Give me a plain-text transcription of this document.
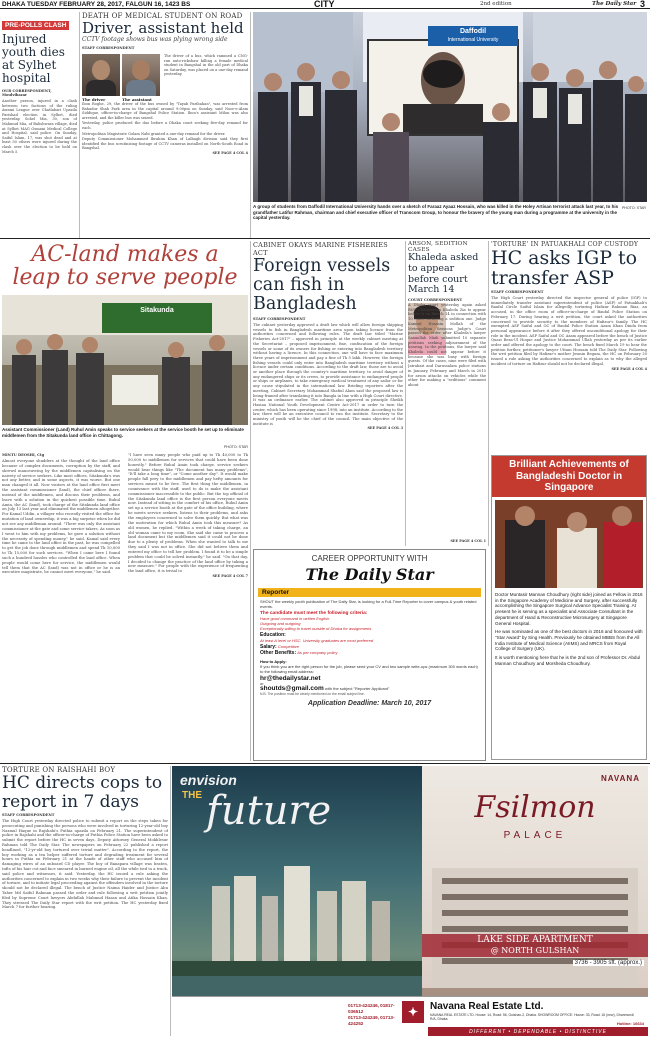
DHAKA TUESDAY FEBRUARY 28, 2017, FALGUN 16, 1423 BS	CITY	2nd edition	The Daily Star 3
PRE-POLLS CLASH
Injured youth dies at Sylhet hospital
OUR CORRESPONDENT, Moulvibazar
Another person, injured in a clash between two factions of the ruling Awami League over Chatlabari Upazila Parishad election in Sylhet, died yesterday. Sohel Mia, 30, son of Mahmud Mia, of Balishwara village, died at Sylhet MAG Osmani Medical College and Hospital, said police. On Sunday, Saiful Islam, 17, was shot dead and at least 50 others were injured during the clash over the election to be held on March 5.
DEATH OF MEDICAL STUDENT ON ROAD
Driver, assistant held
CCTV footage shows bus was plying wrong side
STAFF CORRESPONDENT
The driver	The assistant
The driver of a bus, which rammed a CNG-run auto-rickshaw killing a female medical student in Bangshal in the old part of Dhaka on Saturday, was placed on a one-day remand yesterday.
Ibon Roghe, 29, the driver of the bus owned by "Tayab Paribahan", was arrested from Bahadur Shah Park area in the capital around 9:00pm on Sunday, said Noor-e-Alam Siddique, officer-in-charge of Bangshal Police Station. Ibon's assistant Milon was also arrested, and the killer bus was seized.
Yesterday, police produced the duo before a Dhaka court seeking five-day remand for each.
Metropolitan Magistrate Golam Nabi granted a one-day remand for the driver.
Deputy Commissioner Mohammed Ibrahim Khan of Lalbagh division said they first identified the bus scrutinising footage of CCTV cameras installed on North-South Road in Bangshal.
SEE PAGE 4 COL 4
Daffodil
International University
A group of students from Daffodil International University hands over a sketch of Faraaz Ayaaz Hossain, who was killed in the Holey Artisan terrorist attack last year, to his grandfather Latifur Rahman, chairman and chief executive officer of Transcom Group, to honour the bravery of the young man during a programme at the university in the capital yesterday.
PHOTO: STAR
AC-land makes a leap to serve people
Sitakunda
Assistant Commissioner (Land) Ruhul Amin speaks to service seekers at the service booth he set up to eliminate middlemen from the Sitakunda land office in Chittagong.
PHOTO: STAR
MINTU DEOSHI, Ctg
Almost everyone shudders at the thought of the land office because of complex documents, corruption by the staff, and shrewd manoeuvring by the middlemen capitalising on the naivety of service seekers. Like most offices, Sitakunda's was not any better, and in some aspects, it was worse. But one man changed it all. Now visitors at the land office first meet the assistant commissioner (land), the chief officer there, instead of the middlemen, and discuss their problems, and leave with a solution in the quickest possible time. Ruhul Amin, the AC (land), took charge of the Sitakunda land office on July 13 last year and eliminated the middlemen altogether. For Kamal Uddin, a villager who recently visited the office for mutation of land ownership, it was a big surprise when he did not see any middleman around. "There was only the assistant commissioner at the gate and some service takers. As soon as I went to him with my problems, he gave a solution without the necessity of spending money," he said. Kamal said every time he came to the land office in the past, he was compelled to get the job done through middlemen and spend Tk 10,000 to Tk 15,000 for such services. "When I came here I found such a hundred hassles who controlled the land office. When people would come here for service, the middlemen would tell them that the AC (land) was not in office or he is an executive magistrate, he cannot meet everyone," he said.
"I have seen many people who paid up to Tk 40,000 to Tk 50,000 to middlemen for services that could have been done honestly." Before Ruhul Amin took charge, service seekers would hear things like "The document has many problems", "It'll take a long time", or "Come another day". It would make people fall prey to the middlemen and pay hefty amounts for services meant to be free. The first thing the middlemen, in connivance with the staff, used to do is make the assistant commissioner inaccessible to the public. But the top official of the Sitakunda land office is the first person everyone meets now. Instead of sitting in the comfort of his office, Ruhul Amin set up a service booth at the gate of the office building, where he meets service seekers, listens to their problems, and asks the employees concerned to solve them quickly. But what was the motivation for which Ruhul Amin took this measure? As old women, he replied. "Within a week of taking charge, an old woman came to my room. She said she came to process a land document but the middlemen said it could not be done due to a plenty of problems. When she wanted to talk to me they said I was not in office. She did not believe them and entered my office to tell her problem. I found it to be a simple problem that could be solved instantly," he said. "On that day, I decided to change the practice of the land office by taking a new measure." For people with the experience of frequenting the land office, it is trivial to
SEE PAGE 4 COL 7
CABINET OKAYS MARINE FISHERIES ACT
Foreign vessels can fish in Bangladesh
STAFF CORRESPONDENT
The cabinet yesterday approved a draft law which will allow foreign shipping vessels to fish in Bangladesh maritime area upon taking licence from the authorities concerned and following rules. The draft law titled "Marine Fisheries Act-2017" – approved in principle at the weekly cabinet meeting at the Secretariat – proposed imprisonment, fine, confiscation of the foreign vessels or some of its owners for fishing or entering into Bangladesh territory without having a licence. In this connection, one will have to face maximum three years of imprisonment and pay a fine of Tk 5 lakh. However, the foreign fishing vessels could only enter into Bangladesh maritime territory without a licence under certain conditions. According to the draft law, those are to avoid or another place through the country's maritime territory, to avoid danger of any endangered ships or its crews, to provide assistance to endangered people or ships or airplanes, to take emergency medical treatment of any sailor or for any cause stipulated in the international law. Briefing reporters after the meeting, Cabinet Secretary Mohammad Shafiul Alam said the proposed law is being framed after translating it into Bangla in line with a High Court directive. It was an ordinance earlier. The cabinet also approved in principle Sheikh Hasina National Youth Development Centre Act-2017 in order to turn the center, which has been operating since 1998, into an institute. According to the law, there will be an executive council to run the institute. Secretary to the ministry of youth will be the chief of the council. The main objective of the institute is
SEE PAGE 4 COL 3
ARSON, SEDITION CASES
Khaleda asked to appear before court March 14
COURT CORRESPONDENT
A Dhaka court yesterday again asked BNP Chairperson Khaleda Zia to appear before it on March 14 in connection with 10 cases including a sedition one. Judge Kamrul Hossain Mollah of the Metropolitan Sessions Judge's Court passed the order after Khaleda's lawyer Sanaullah Miah submitted 10 separate petitions seeking adjournment of the hearing. In the petitions, the lawyer said Khaleda could not appear before it because she was busy with foreign guests. Of the cases, nine were filed with Jatrabari and Darussalam police stations in January, February and March in 2015 for arson attacks on vehicles while the other for making a "seditious" comment about
SEE PAGE 4 COL 1
'TORTURE' IN PATUAKHALI COP CUSTODY
HC asks IGP to transfer ASP
STAFF CORRESPONDENT
The High Court yesterday directed the inspector general of police (IGP) to immediately transfer assistant superintendent of police (ASP) of Patuakhali's Baufal Circle Saiful Islam for allegedly torturing Hafizur Rahman Riaz, an accused, in the office room of officer-in-charge of Baufal Police Station on February 17. During hearing a writ petition, the court asked the authorities concerned to provide security to the members of Hafizur's family. The HC exempted ASP Saiful and OC of Baufal Police Station Azam Khan Dinda from personal appearance before it after they offered unconditional apology for their role in the incident. ASP Saiful and OC Azam appeared before the bench of Justice Quazi Reza-Ul Hoque and Justice Mohammad Ullah yesterday as per its earlier order and offered the apology to the court. The bench fixed March 19 to hear the petition further, petitioner's lawyer Uttam Hossain told The Daily Star. Following the writ petition filed by Hafizur's mother Jesmin Begum, the HC on February 20 issued a rule asking the authorities concerned to explain as to why the alleged incident of torture on Hafizur should not be declared illegal.
SEE PAGE 4 COL 4
Brilliant Achievements of Bangladeshi Doctor in Singapore
Doctor Muntasir Mannan Choudhury (right side) joined as Fellow in 2016 in the Singapore Academy of Medicine and Surgery, after successfully accomplishing the Singapore Surgical Advance Specialist Training. At present he is serving as a specialist and Associate Consultant in the department of Hand & Reconstructive Microsurgery at Singapore General Hospital.
He was nominated as one of the best doctors in 2016 and honoured with "Star Award" by Sing Health. Previously he obtained MBBS from the All India Institute of Medical Science (AIIMS) and MRCS from Royal College of Surgery (UK).
It is worth mentioning here that he is the 2nd son of Professor Dr. Abdul Mannan Choudhury and Morsheda Choudhury.
CAREER OPPORTUNITY WITH
The Daily Star
Reporter
SHOUT the weekly youth publication of The Daily Star, is looking for a Full-Time Reporter to cover campus & youth related events.
The candidate must meet the following criteria:
Have good command in written English
Outgoing and outgoing
Exceptionally willing to travel outside of Dhaka for assignments
Education:
At least A level or HSC. University graduates are most preferred
Salary: Competitive
Other Benefits: As per company policy
How to Apply:
If you think you are the right person for the job, please send your CV and two sample write-ups (maximum 300 words each) to the following email address:
hr@thedailystar.net
or
shoutds@gmail.com with the subject "Reporter Applicant"
N.B. The position must be clearly mentioned on the email subject line.
Application Deadline: March 10, 2017
TORTURE ON RAISHAHI BOY
HC directs cops to report in 7 days
STAFF CORRESPONDENT
The High Court yesterday directed police to submit a report on the steps taken for prosecuting and punishing the persons who were involved in torturing 12-year-old boy Nazmul Haque in Rajshahi's Puthia upazila on February 21. The superintendent of police in Rajshahi and the officer-in-charge of Puthia Police Station have been asked to submit the report before the HC in seven days, Deputy Attorney General Mokhlesur Rahman told The Daily Star. The newspapers on February 22 published a report headlined, "12-yr-old boy tortured over trivial matter". According to the report, the boy working as a tea helper suffered torture and degrading treatment for several hours in Puthia on February 21 at the hands of other staff who accused him of damaging wires of an onboard CD player. The boy of Banapara village was beaten, tufts of his hair cut and face smeared in burned engine oil, all the while tied to a truck, said police and witnesses, it said. Yesterday, the HC issued a rule asking the authorities concerned to explain in two weeks why their failure to prevent the incident of torture, and to initiate legal proceeding against the offenders involved in the torture should not be declared illegal. The bench of Justice Naima Haider and Justice Abu Taher Md Saiful Rahman passed the order and rule following a writ petition jointly filed by Supreme Court lawyers Abdullah Mahmud Hasan and Atika Hossain Khan. They stressed The Daily Star report with the writ petition. The HC yesterday fixed March 7 for further hearing.
envision
THE future
NAVANA
Fsilmon
PALACE
LAKE SIDE APARTMENT
@ NORTH GULSHAN
3736 - 3905 sft. (approx.)
✦	Navana Real Estate Ltd.
01713-424246, 01817-036512
01713-424249, 01713-424252
NAVANA REAL ESTATE LTD. House: 14, Road: 56, Gulshan-2, Dhaka. SHOWROOM OFFICE: House: 33, Road: 16 (new), Dhanmondi R/A, Dhaka.
Hotline: 16634
DIFFERENT • DEPENDABLE • DISTINCTIVE
